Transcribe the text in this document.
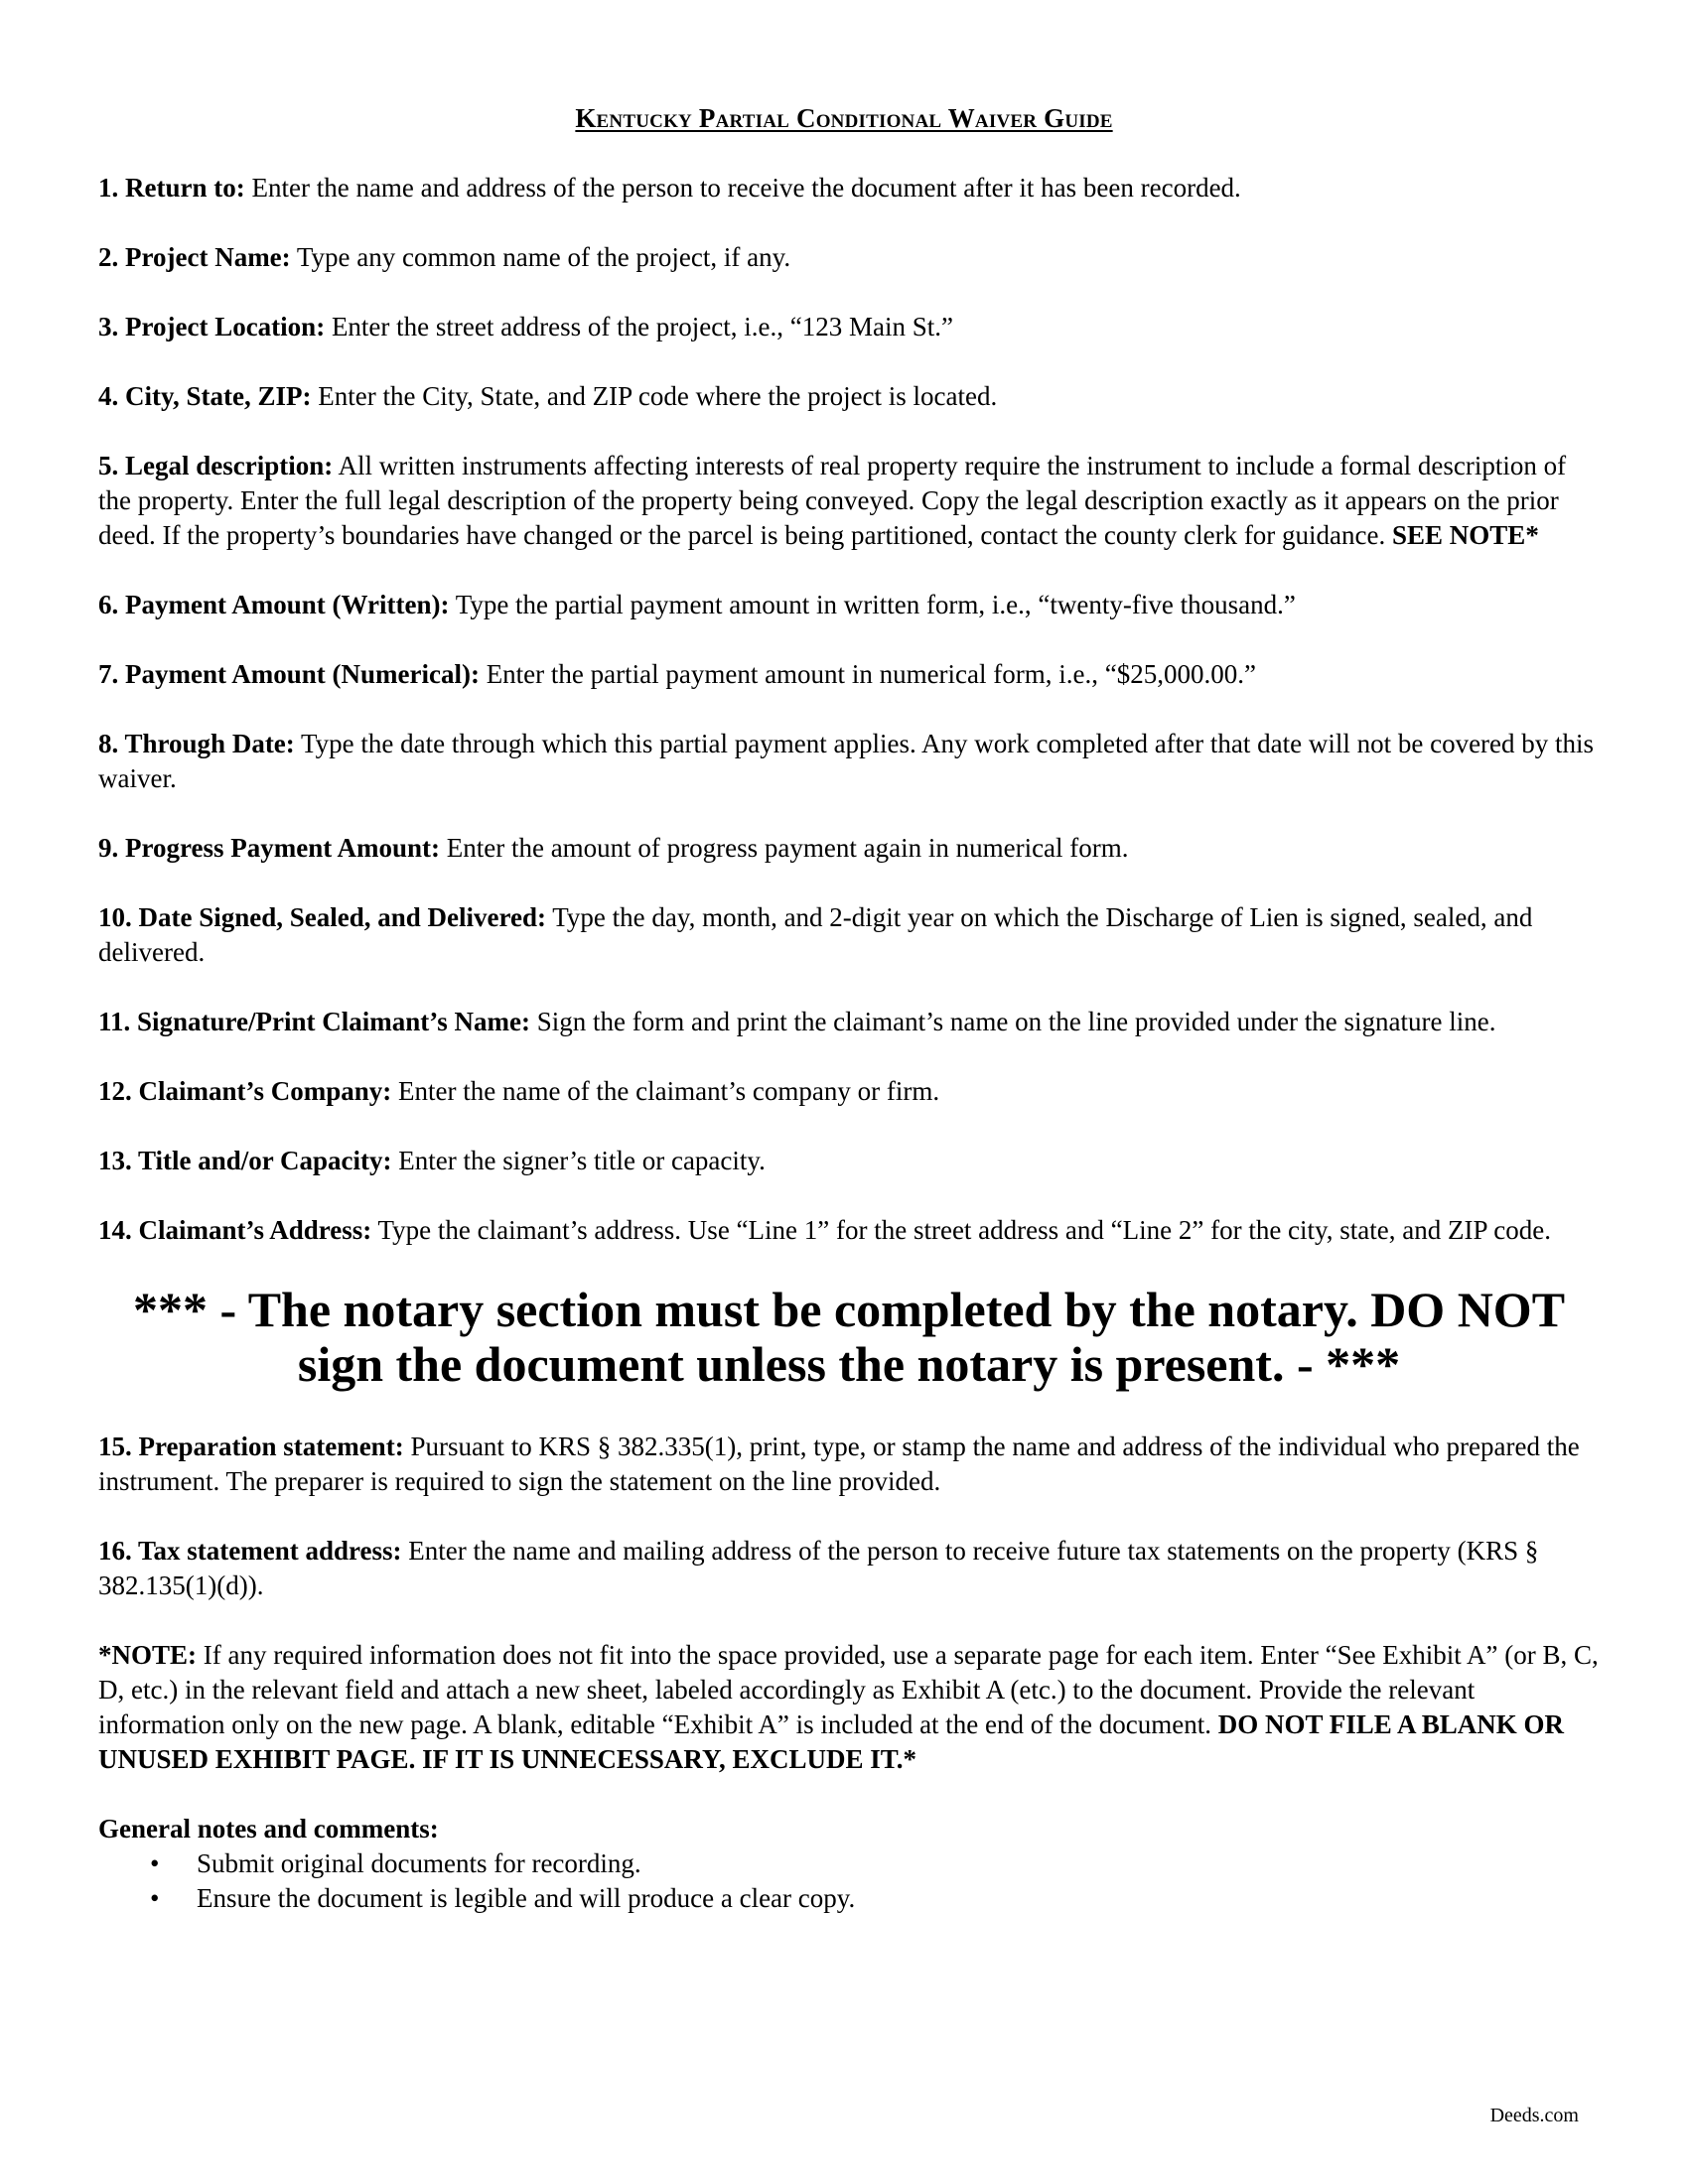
Kentucky Partial Conditional Waiver Guide

1. Return to: Enter the name and address of the person to receive the document after it has been recorded.

2. Project Name: Type any common name of the project, if any.

3. Project Location: Enter the street address of the project, i.e., “123 Main St.”

4. City, State, ZIP: Enter the City, State, and ZIP code where the project is located.

5. Legal description: All written instruments affecting interests of real property require the instrument to include a formal description of the property. Enter the full legal description of the property being conveyed. Copy the legal description exactly as it appears on the prior deed. If the property’s boundaries have changed or the parcel is being partitioned, contact the county clerk for guidance. SEE NOTE*

6. Payment Amount (Written): Type the partial payment amount in written form, i.e., “twenty-five thousand.”

7. Payment Amount (Numerical): Enter the partial payment amount in numerical form, i.e., “$25,000.00.”

8. Through Date: Type the date through which this partial payment applies. Any work completed after that date will not be covered by this waiver.

9. Progress Payment Amount: Enter the amount of progress payment again in numerical form.

10. Date Signed, Sealed, and Delivered: Type the day, month, and 2-digit year on which the Discharge of Lien is signed, sealed, and delivered.

11. Signature/Print Claimant’s Name: Sign the form and print the claimant’s name on the line provided under the signature line.

12. Claimant’s Company: Enter the name of the claimant’s company or firm.

13. Title and/or Capacity: Enter the signer’s title or capacity.

14. Claimant’s Address: Type the claimant’s address. Use “Line 1” for the street address and “Line 2” for the city, state, and ZIP code.

*** - The notary section must be completed by the notary. DO NOT
sign the document unless the notary is present. - ***

15. Preparation statement: Pursuant to KRS § 382.335(1), print, type, or stamp the name and address of the individual who prepared the instrument. The preparer is required to sign the statement on the line provided.

16. Tax statement address: Enter the name and mailing address of the person to receive future tax statements on the property (KRS § 382.135(1)(d)).

*NOTE: If any required information does not fit into the space provided, use a separate page for each item. Enter “See Exhibit A” (or B, C, D, etc.) in the relevant field and attach a new sheet, labeled accordingly as Exhibit A (etc.) to the document. Provide the relevant information only on the new page. A blank, editable “Exhibit A” is included at the end of the document. DO NOT FILE A BLANK OR UNUSED EXHIBIT PAGE. IF IT IS UNNECESSARY, EXCLUDE IT.*

General notes and comments:

• Submit original documents for recording.
• Ensure the document is legible and will produce a clear copy.
Deeds.com
